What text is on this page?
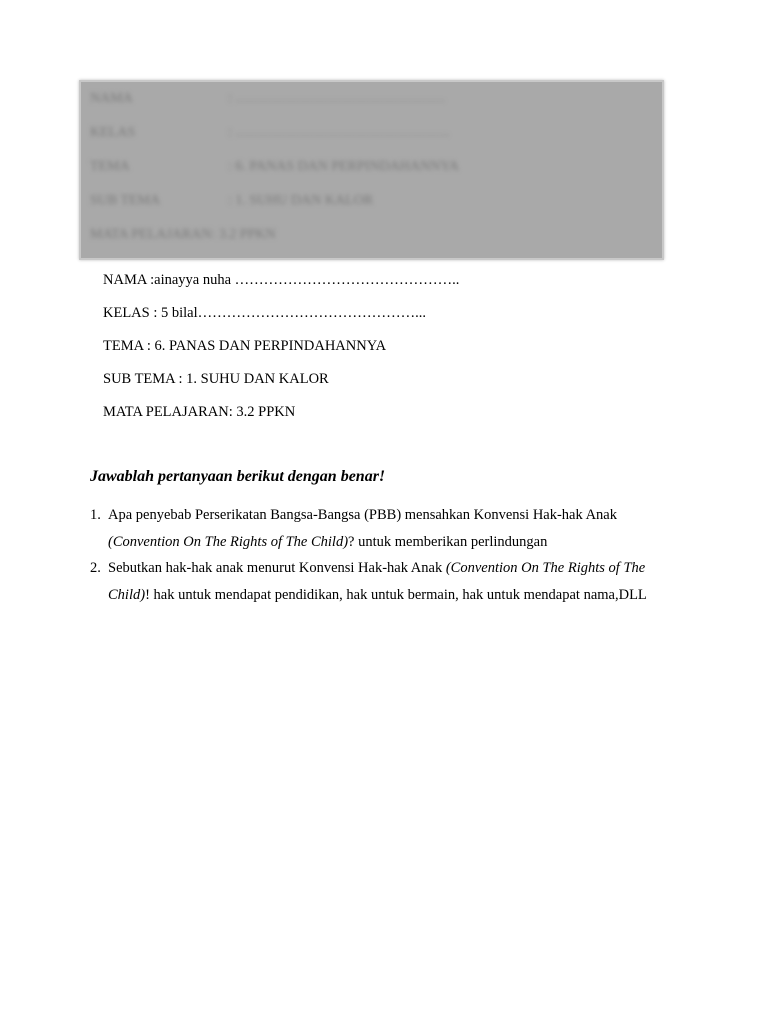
NAMA	: ………………………………………
KELAS	: ……………………………………….
TEMA	: 6. PANAS DAN PERPINDAHANNYA
SUB TEMA	: 1. SUHU DAN KALOR
MATA PELAJARAN: 3.2 PPKN
NAMA :ainayya nuha ………………………………………..
KELAS : 5 bilal………………………………………...
TEMA : 6. PANAS DAN PERPINDAHANNYA
SUB TEMA : 1. SUHU DAN KALOR
MATA PELAJARAN: 3.2 PPKN
Jawablah pertanyaan berikut dengan benar!
1. Apa penyebab Perserikatan Bangsa-Bangsa (PBB) mensahkan Konvensi Hak-hak Anak
(Convention On The Rights of The Child)? untuk memberikan perlindungan
2. Sebutkan hak-hak anak menurut Konvensi Hak-hak Anak (Convention On The Rights of The
Child)! hak untuk mendapat pendidikan, hak untuk bermain, hak untuk mendapat nama,DLL
